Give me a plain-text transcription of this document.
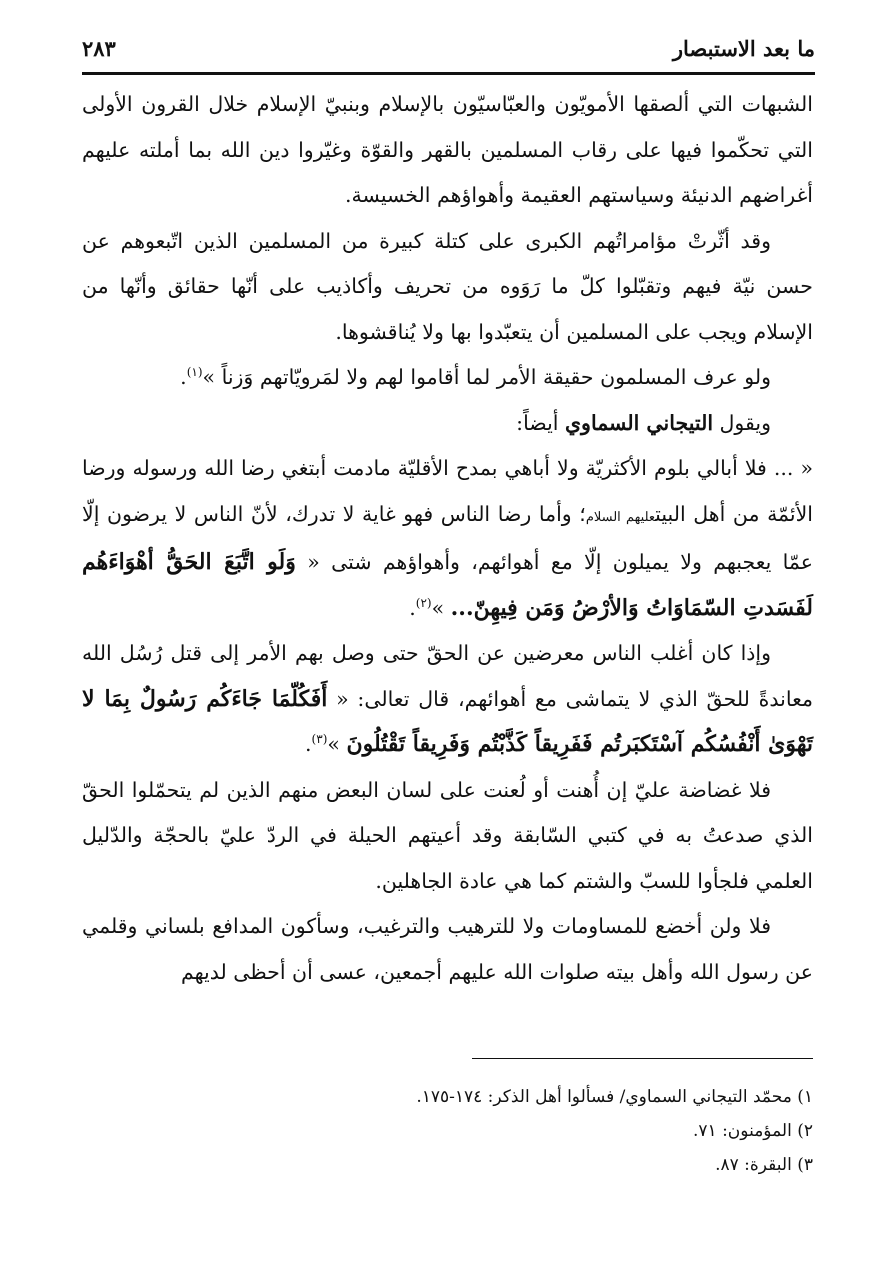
ما بعد الاستبصار
٢٨٣

الشبهات التي ألصقها الأمويّون والعبّاسيّون بالإسلام وبنبيّ الإسلام خلال القرون الأولى التي تحكّموا فيها على رقاب المسلمين بالقهر والقوّة وغيّروا دين الله بما أملته عليهم أغراضهم الدنيئة وسياستهم العقيمة وأهواؤهم الخسيسة.

وقد أثّرتْ مؤامراتُهم الكبرى على كتلة كبيرة من المسلمين الذين اتّبعوهم عن حسن نيّة فيهم وتقبّلوا كلّ ما رَوَوه من تحريف وأكاذيب على أنّها حقائق وأنّها من الإسلام ويجب على المسلمين أن يتعبّدوا بها ولا يُناقشوها.

ولو عرف المسلمون حقيقة الأمر لما أقاموا لهم ولا لمَرويّاتهم وَزناً »$^{(١)}$.

ويقول التيجاني السماوي أيضاً:

« ... فلا أبالي بلوم الأكثريّة ولا أباهي بمدح الأقليّة مادمت أبتغي رضا الله ورسوله ورضا الأئمّة من أهل البيتعليهم السلام؛ وأما رضا الناس فهو غاية لا تدرك، لأنّ الناس لا يرضون إلّا عمّا يعجبهم ولا يميلون إلّا مع أهوائهم، وأهواؤهم شتى « وَلَو اتَّبَعَ الحَقُّ أهْوَاءَهُم لَفَسَدتِ السّمَاوَاتُ وَالأرْضُ وَمَن فِيهِنّ... »$^{(٢)}$.

وإذا كان أغلب الناس معرضين عن الحقّ حتى وصل بهم الأمر إلى قتل رُسُل الله معاندةً للحقّ الذي لا يتماشى مع أهوائهم، قال تعالى: « أَفَكُلّمَا جَاءَكُم رَسُولٌ بِمَا لا تَهْوَىٰ أَنْفُسُكُم آسْتَكبَرتُم فَفَرِيقاً كَذَّبْتُم وَفَرِيقاً تَقْتُلُونَ »$^{(٣)}$.

فلا غضاضة عليّ إن أُهنت أو لُعنت على لسان البعض منهم الذين لم يتحمّلوا الحقّ الذي صدعتُ به في كتبي السّابقة وقد أعيتهم الحيلة في الردّ عليّ بالحجّة والدّليل العلمي فلجأوا للسبّ والشتم كما هي عادة الجاهلين.

فلا ولن أخضع للمساومات ولا للترهيب والترغيب، وسأكون المدافع بلساني وقلمي عن رسول الله وأهل بيته صلوات الله عليهم أجمعين، عسى أن أحظى لديهم

١) محمّد التيجاني السماوي/ فسألوا أهل الذكر: ١٧٤-١٧٥.
٢) المؤمنون: ٧١.
٣) البقرة: ٨٧.
